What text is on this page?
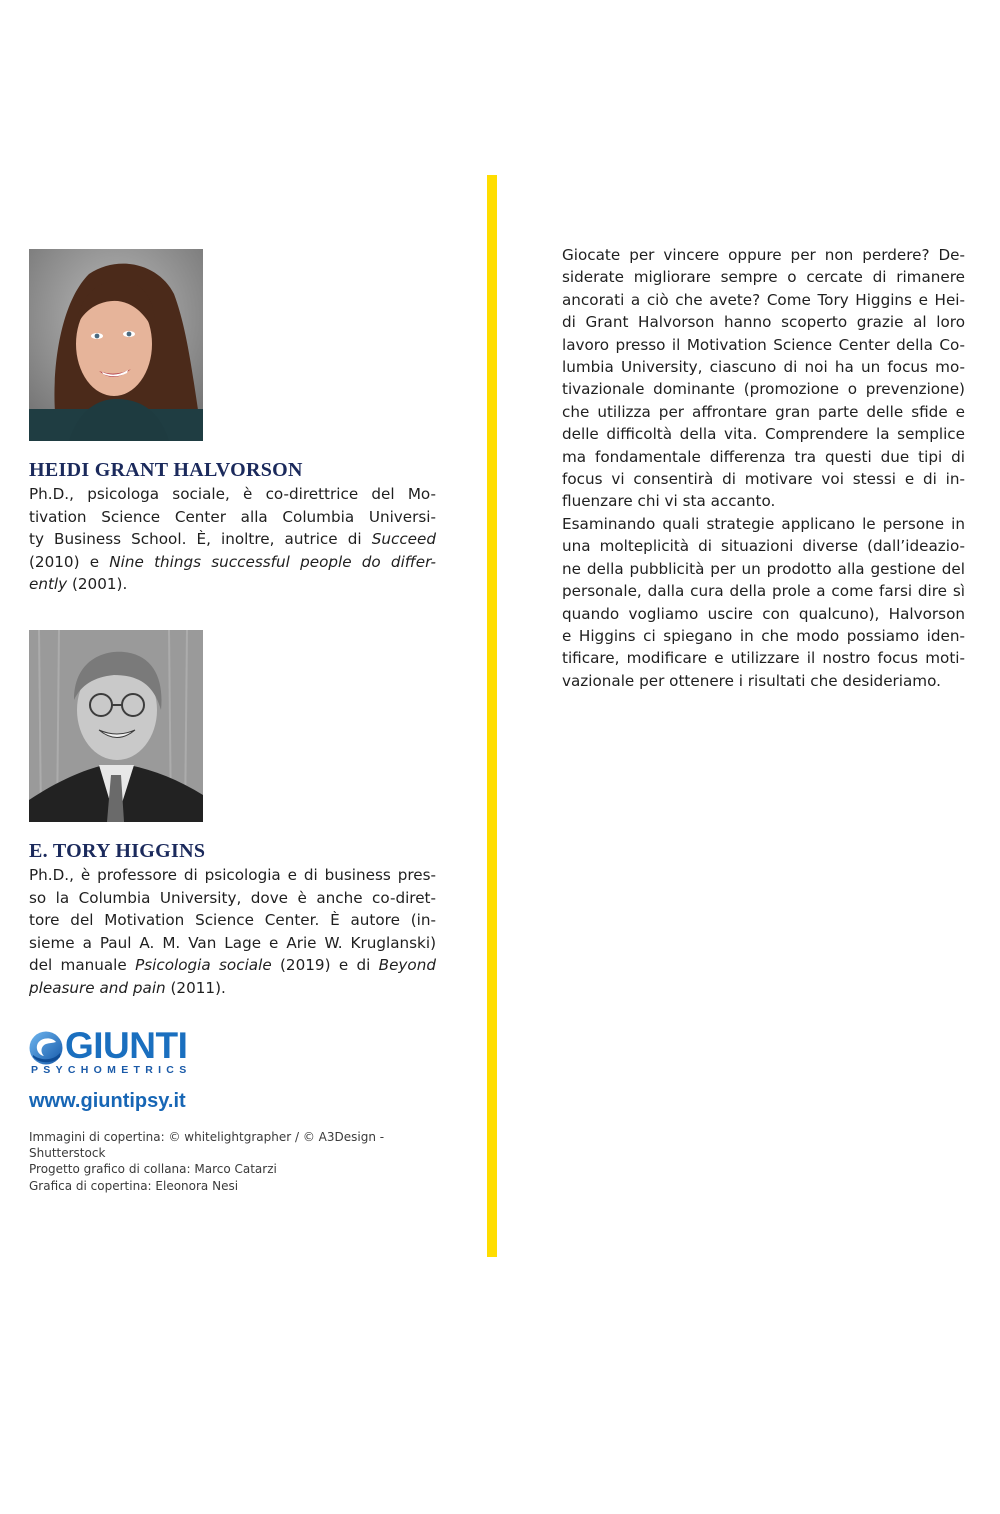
HEIDI GRANT HALVORSON
Ph.D., psicologa sociale, è co-direttrice del Mo-
tivation Science Center alla Columbia Universi-
ty Business School. È, inoltre, autrice di Succeed
(2010) e Nine things successful people do differ-
ently (2001).
E. TORY HIGGINS
Ph.D., è professore di psicologia e di business pres-
so la Columbia University, dove è anche co-diret-
tore del Motivation Science Center. È autore (in-
sieme a Paul A. M. Van Lage e Arie W. Kruglanski)
del manuale Psicologia sociale (2019) e di Beyond
pleasure and pain (2011).
Giocate per vincere oppure per non perdere? De-
siderate migliorare sempre o cercate di rimanere
ancorati a ciò che avete? Come Tory Higgins e Hei-
di Grant Halvorson hanno scoperto grazie al loro
lavoro presso il Motivation Science Center della Co-
lumbia University, ciascuno di noi ha un focus mo-
tivazionale dominante (promozione o prevenzione)
che utilizza per affrontare gran parte delle sfide e
delle difficoltà della vita. Comprendere la semplice
ma fondamentale differenza tra questi due tipi di
focus vi consentirà di motivare voi stessi e di in-
fluenzare chi vi sta accanto.
Esaminando quali strategie applicano le persone in
una molteplicità di situazioni diverse (dall’ideazio-
ne della pubblicità per un prodotto alla gestione del
personale, dalla cura della prole a come farsi dire sì
quando vogliamo uscire con qualcuno), Halvorson
e Higgins ci spiegano in che modo possiamo iden-
tificare, modificare e utilizzare il nostro focus moti-
vazionale per ottenere i risultati che desideriamo.
GIUNTI
PSYCHOMETRICS
www.giuntipsy.it
Immagini di copertina: © whitelightgrapher / © A3Design -
Shutterstock
Progetto grafico di collana: Marco Catarzi
Grafica di copertina: Eleonora Nesi
